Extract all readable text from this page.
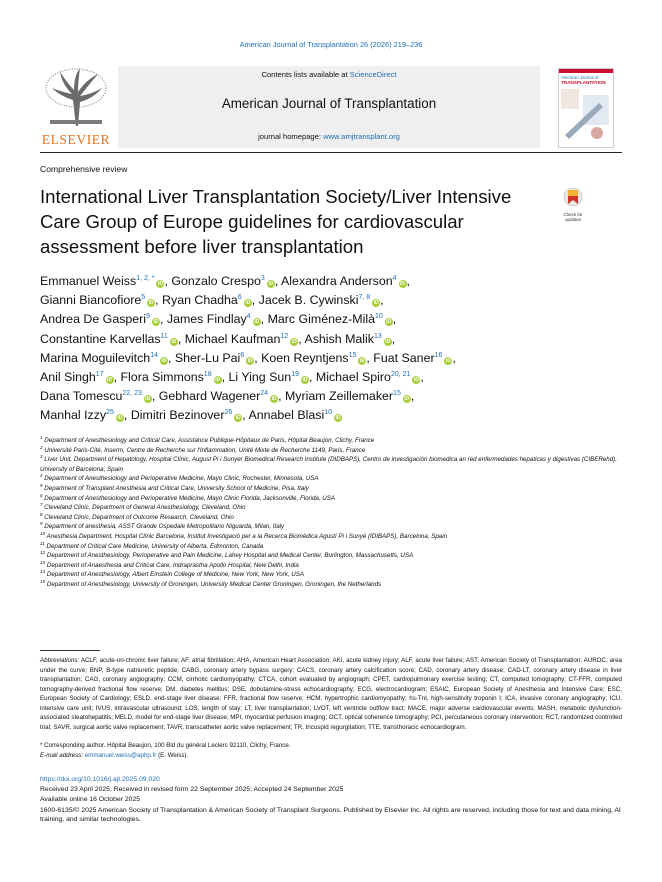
American Journal of Transplantation 26 (2026) 219–236
ELSEVIER
Contents lists available at ScienceDirect
American Journal of Transplantation
journal homepage: www.amjtransplant.org
American Journal of
TRANSPLANTATION
Comprehensive review
International Liver Transplantation Society/Liver Intensive Care Group of Europe guidelines for cardiovascular assessment before liver transplantation
Check for updates
Emmanuel Weiss$^{1, 2, *}$iD , Gonzalo Crespo$^3$iD , Alexandra Anderson$^4$iD ,
Gianni Biancofiore$^5$iD , Ryan Chadha$^6$iD , Jacek B. Cywinski$^{7, 8}$iD ,
Andrea De Gasperi$^9$iD , James Findlay$^4$iD , Marc Giménez-Milà$^{10}$iD ,
Constantine Karvellas$^{11}$iD , Michael Kaufman$^{12}$iD , Ashish Malik$^{13}$iD ,
Marina Moguilevitch$^{14}$iD , Sher-Lu Pai$^6$iD , Koen Reyntjens$^{15}$iD , Fuat Saner$^{16}$iD ,
Anil Singh$^{17}$iD , Flora Simmons$^{18}$iD , Li Ying Sun$^{19}$iD , Michael Spiro$^{20, 21}$iD ,
Dana Tomescu$^{22, 23}$iD , Gebhard Wagener$^{24}$iD , Myriam Zeillemaker$^{15}$iD ,
Manhal Izzy$^{25}$iD , Dimitri Bezinover$^{26}$iD , Annabel Blasi$^{10}$iD
$^1$ Department of Anesthesiology and Critical Care, Assistance Publique-Hôpitaux de Paris, Hôpital Beaujon, Clichy, France
$^2$ Université Paris-Cité, Inserm, Centre de Recherche sur l'Inflammation, Unité Mixte de Recherche 1149, Paris, France
$^3$ Liver Unit, Department of Hepatology, Hospital Clínic, August Pi i Sunyer Biomedical Research Institute (DIDBAPS), Centro de investigación biomedica an red enfermedades hepaticas y digestivas (CIBERehd), University of Barcelona, Spain
$^4$ Department of Anesthesiology and Perioperative Medicine, Mayo Clinic, Rochester, Minnesota, USA
$^5$ Department of Transplant Anesthesia and Critical Care, University School of Medicine, Pisa, Italy
$^6$ Department of Anesthesiology and Perioperative Medicine, Mayo Clinic Florida, Jacksonville, Florida, USA
$^7$ Cleveland Clinic, Department of General Anesthesiology, Cleveland, Ohio
$^8$ Cleveland Clinic, Department of Outcome Research, Cleveland, Ohio
$^9$ Department of anesthesia, ASST Grande Ospedale Metropolitano Niguarda, Milan, Italy
$^{10}$ Anesthesia Department, Hospital Clínic Barcelona, Institut Investigació per a la Recerca Biomèdica Agustí Pi i Sunyé (IDIBAPS), Barcelona, Spain
$^{11}$ Department of Critical Care Medicine, University of Alberta, Edmonton, Canada
$^{12}$ Department of Anesthesiology, Perioperative and Pain Medicine, Lahey Hospital and Medical Center, Burlington, Massachusetts, USA
$^{13}$ Department of Anaesthesia and Critical Care, Indraprastha Apollo Hospital, New Delhi, India
$^{14}$ Department of Anesthesiology, Albert Einstein College of Medicine, New York, New York, USA
$^{15}$ Department of Anesthesiology, University of Groningen, University Medical Center Groningen, Groningen, the Netherlands
Abbreviations: ACLF, acute-on-chronic liver failure; AF, atrial fibrillation; AHA, American Heart Association; AKI, acute kidney injury; ALF, acute liver failure; AST, American Society of Transplantation; AUROC, area under the curve; BNP, B-type natriuretic peptide; CABG, coronary artery bypass surgery; CACS, coronary artery calcification score; CAD, coronary artery disease; CAD-LT, coronary artery disease in liver transplantation; CAG, coronary angiography; CCM, cirrhotic cardiomyopathy; CTCA, cohort evaluated by angiograph; CPET, cardiopulmonary exercise testing; CT, computed tomography; CT-FFR, computed tomography-derived fractional flow reserve; DM, diabetes mellitus; DSE, dobutamine-stress echocardiography; ECG, electrocardiogram; ESAIC, European Society of Anesthesia and Intensive Care; ESC, European Society of Cardiology; ESLD, end-stage liver disease; FFR, fractional flow reserve; HCM, hypertrophic cardiomyopathy; hs-TnI, high-sensitivity troponin I; ICA, invasive coronary angiography; ICU, intensive care unit; IVUS, intravascular ultrasound; LOS, length of stay; LT, liver transplantation; LVOT, left ventricle outflow tract; MACE, major adverse cardiovascular events; MASH, metabolic dysfunction-associated steatohepatitis; MELD, model for end-stage liver disease; MPI, myocardial perfusion imaging; OCT, optical coherence tomography; PCI, percutaneous coronary intervention; RCT, randomized controlled trial; SAVR, surgical aortic valve replacement; TAVR, transcatheter aortic valve replacement; TR, tricuspid regurgitation; TTE, transthoracic echocardiogram.
* Corresponding author. Hôpital Beaujon, 100 Bld du général Leclerc 92110, Clichy, France.
E-mail address: emmanuel.weiss@aphp.fr (E. Weiss).
https://doi.org/10.1016/j.ajt.2025.09.020
Received 23 April 2025; Received in revised form 22 September 2025; Accepted 24 September 2025
Available online 16 October 2025
1600-6135/© 2025 American Society of Transplantation & American Society of Transplant Surgeons. Published by Elsevier Inc. All rights are reserved, including those for text and data mining, AI training, and similar technologies.
